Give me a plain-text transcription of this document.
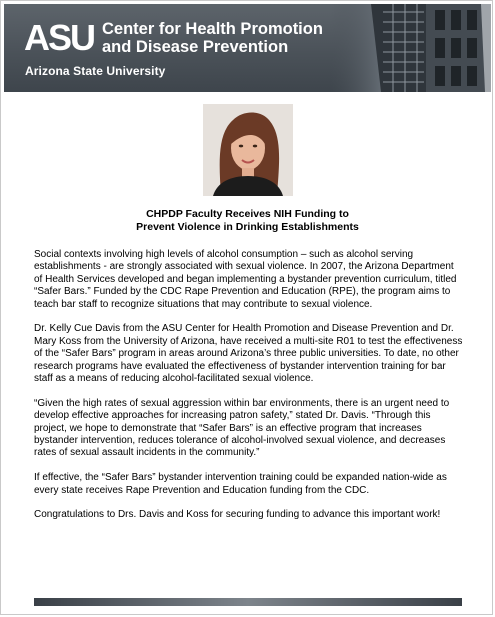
ASU Center for Health Promotion
and Disease Prevention
Arizona State University
CHPDP Faculty Receives NIH Funding to
Prevent Violence in Drinking Establishments

Social contexts involving high levels of alcohol consumption – such as alcohol serving establishments - are strongly associated with sexual violence. In 2007, the Arizona Department of Health Services developed and began implementing a bystander prevention curriculum, titled “Safer Bars.” Funded by the CDC Rape Prevention and Education (RPE), the program aims to teach bar staff to recognize situations that may contribute to sexual violence.

Dr. Kelly Cue Davis from the ASU Center for Health Promotion and Disease Prevention and Dr. Mary Koss from the University of Arizona, have received a multi-site R01 to test the effectiveness of the “Safer Bars” program in areas around Arizona’s three public universities. To date, no other research programs have evaluated the effectiveness of bystander intervention training for bar staff as a means of reducing alcohol-facilitated sexual violence.

“Given the high rates of sexual aggression within bar environments, there is an urgent need to develop effective approaches for increasing patron safety,” stated Dr. Davis. “Through this project, we hope to demonstrate that “Safer Bars” is an effective program that increases bystander intervention, reduces tolerance of alcohol-involved sexual violence, and decreases rates of sexual assault incidents in the community.”

If effective, the “Safer Bars” bystander intervention training could be expanded nation-wide as every state receives Rape Prevention and Education funding from the CDC.

Congratulations to Drs. Davis and Koss for securing funding to advance this important work!
